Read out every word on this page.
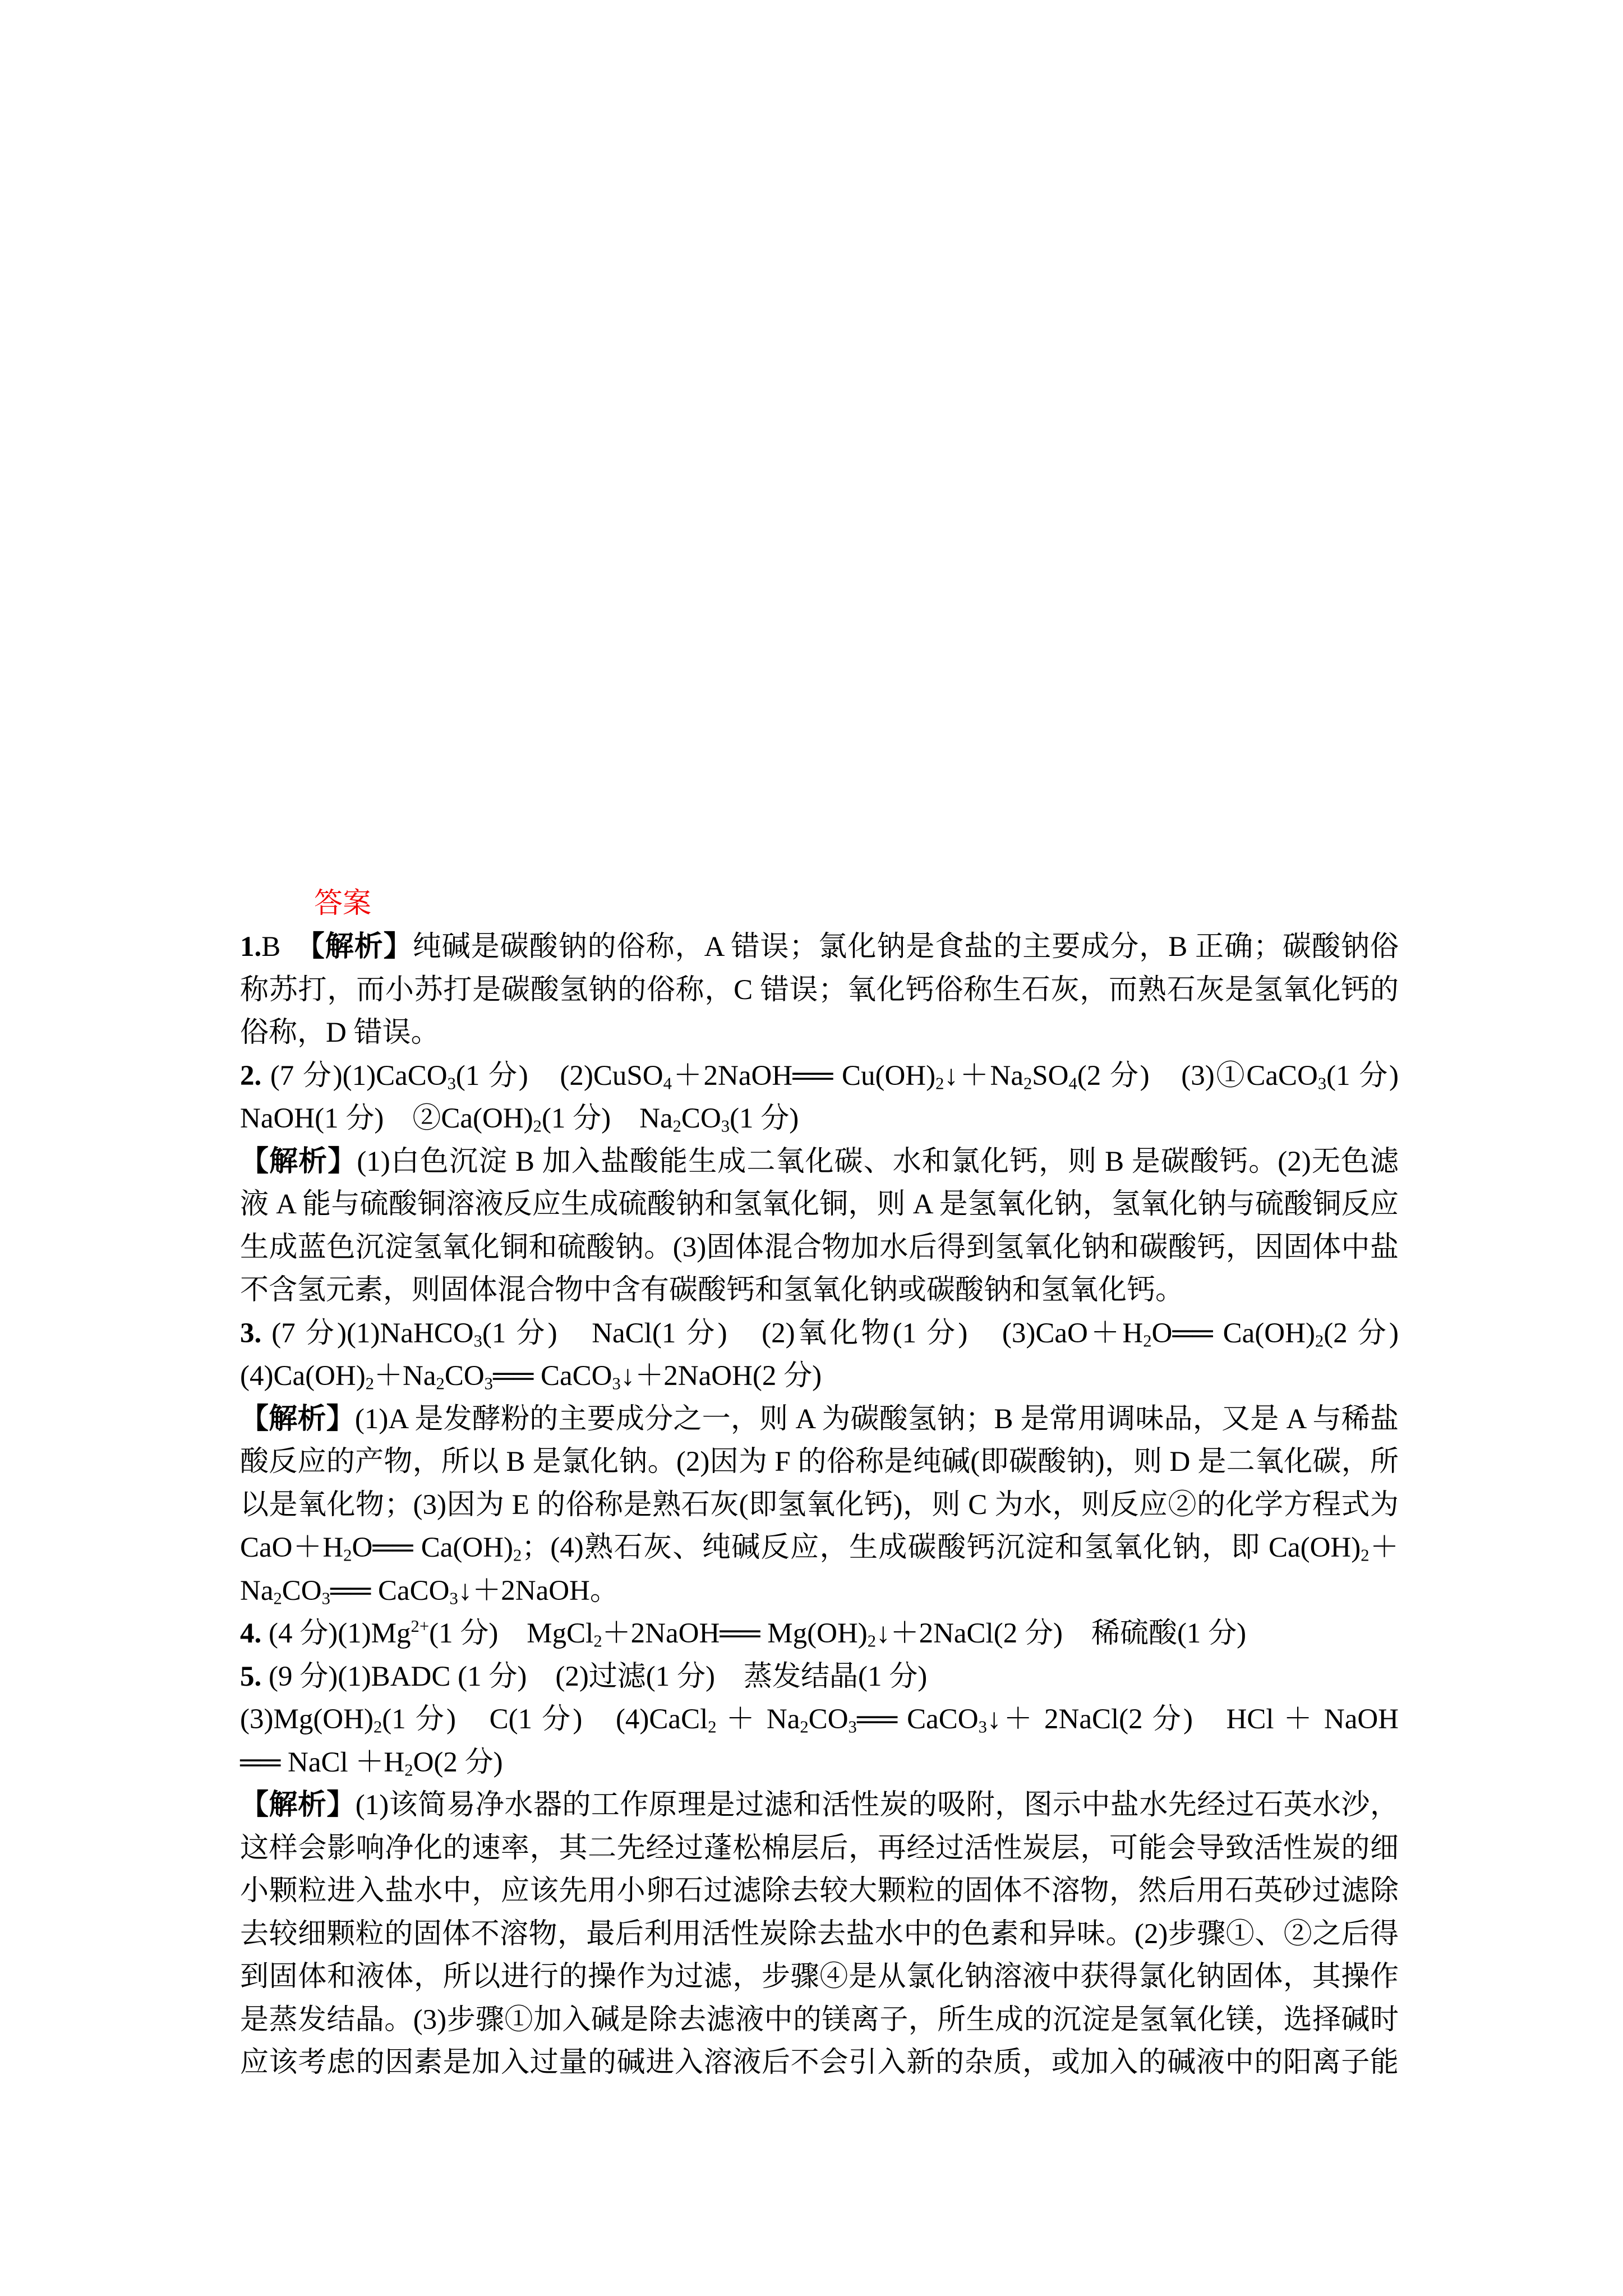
答案
1.B　【解析】纯碱是碳酸钠的俗称，A 错误；氯化钠是食盐的主要成分，B 正确；碳酸钠俗
称苏打，而小苏打是碳酸氢钠的俗称，C 错误；氧化钙俗称生石灰，而熟石灰是氢氧化钙的
俗称，D 错误。
2. (7 分)(1)CaCO$_3$(1 分)　(2)CuSO$_4$＋2NaOH══ $Cu(OH)_2↓+Na_2SO_4(2$ 分)　(3)①CaCO$_3$(1 分)
NaOH(1 分)　$②Ca(OH)_2(1$ 分)　$Na_2CO_3(1$ 分)
【解析】(1)白色沉淀 B 加入盐酸能生成二氧化碳、水和氯化钙，则 B 是碳酸钙。(2)无色滤
液 A 能与硫酸铜溶液反应生成硫酸钠和氢氧化铜，则 A 是氢氧化钠，氢氧化钠与硫酸铜反应
生成蓝色沉淀氢氧化铜和硫酸钠。(3)固体混合物加水后得到氢氧化钠和碳酸钙，因固体中盐
不含氢元素，则固体混合物中含有碳酸钙和氢氧化钠或碳酸钠和氢氧化钙。
3. (7 分)(1)NaHCO$_3$(1 分)　NaCl(1 分)　(2)氧化物(1 分)　$(3)CaO+H_2O══$ $Ca(OH)_2(2$ 分)
$(4)Ca(OH)_2+Na_2CO_3══$ CaCO$_3$↓＋2NaOH(2 分)
【解析】(1)A 是发酵粉的主要成分之一，则 A 为碳酸氢钠；B 是常用调味品，又是 A 与稀盐
酸反应的产物，所以 B 是氯化钠。(2)因为 F 的俗称是纯碱(即碳酸钠)，则 D 是二氧化碳，所
以是氧化物；(3)因为 E 的俗称是熟石灰(即氢氧化钙)，则 C 为水，则反应②的化学方程式为
$CaO+H_2O══$ $Ca(OH)_2$；(4)熟石灰、纯碱反应，生成碳酸钙沉淀和氢氧化钠，即 $Ca(OH)_2+$
$Na_2CO_3══$ CaCO$_3$↓＋2NaOH。
4. (4 分)$(1)Mg^{2+}(1$ 分)　MgCl$_2$＋2NaOH══ $Mg(OH)_2↓+2NaCl(2$ 分)　稀硫酸(1 分)
5. (9 分)(1)BADC (1 分)　(2)过滤(1 分)　蒸发结晶(1 分)
$(3)Mg(OH)_2(1$ 分)　C(1 分)　(4)CaCl$_2$ ＋ $Na_2CO_3══$ CaCO$_3$↓＋ 2NaCl(2 分)　HCl ＋ NaOH
══ NaCl $+H_2O(2$ 分)
【解析】(1)该简易净水器的工作原理是过滤和活性炭的吸附，图示中盐水先经过石英水沙，
这样会影响净化的速率，其二先经过蓬松棉层后，再经过活性炭层，可能会导致活性炭的细
小颗粒进入盐水中，应该先用小卵石过滤除去较大颗粒的固体不溶物，然后用石英砂过滤除
去较细颗粒的固体不溶物，最后利用活性炭除去盐水中的色素和异味。(2)步骤①、②之后得
到固体和液体，所以进行的操作为过滤，步骤④是从氯化钠溶液中获得氯化钠固体，其操作
是蒸发结晶。(3)步骤①加入碱是除去滤液中的镁离子，所生成的沉淀是氢氧化镁，选择碱时
应该考虑的因素是加入过量的碱进入溶液后不会引入新的杂质，或加入的碱液中的阳离子能
